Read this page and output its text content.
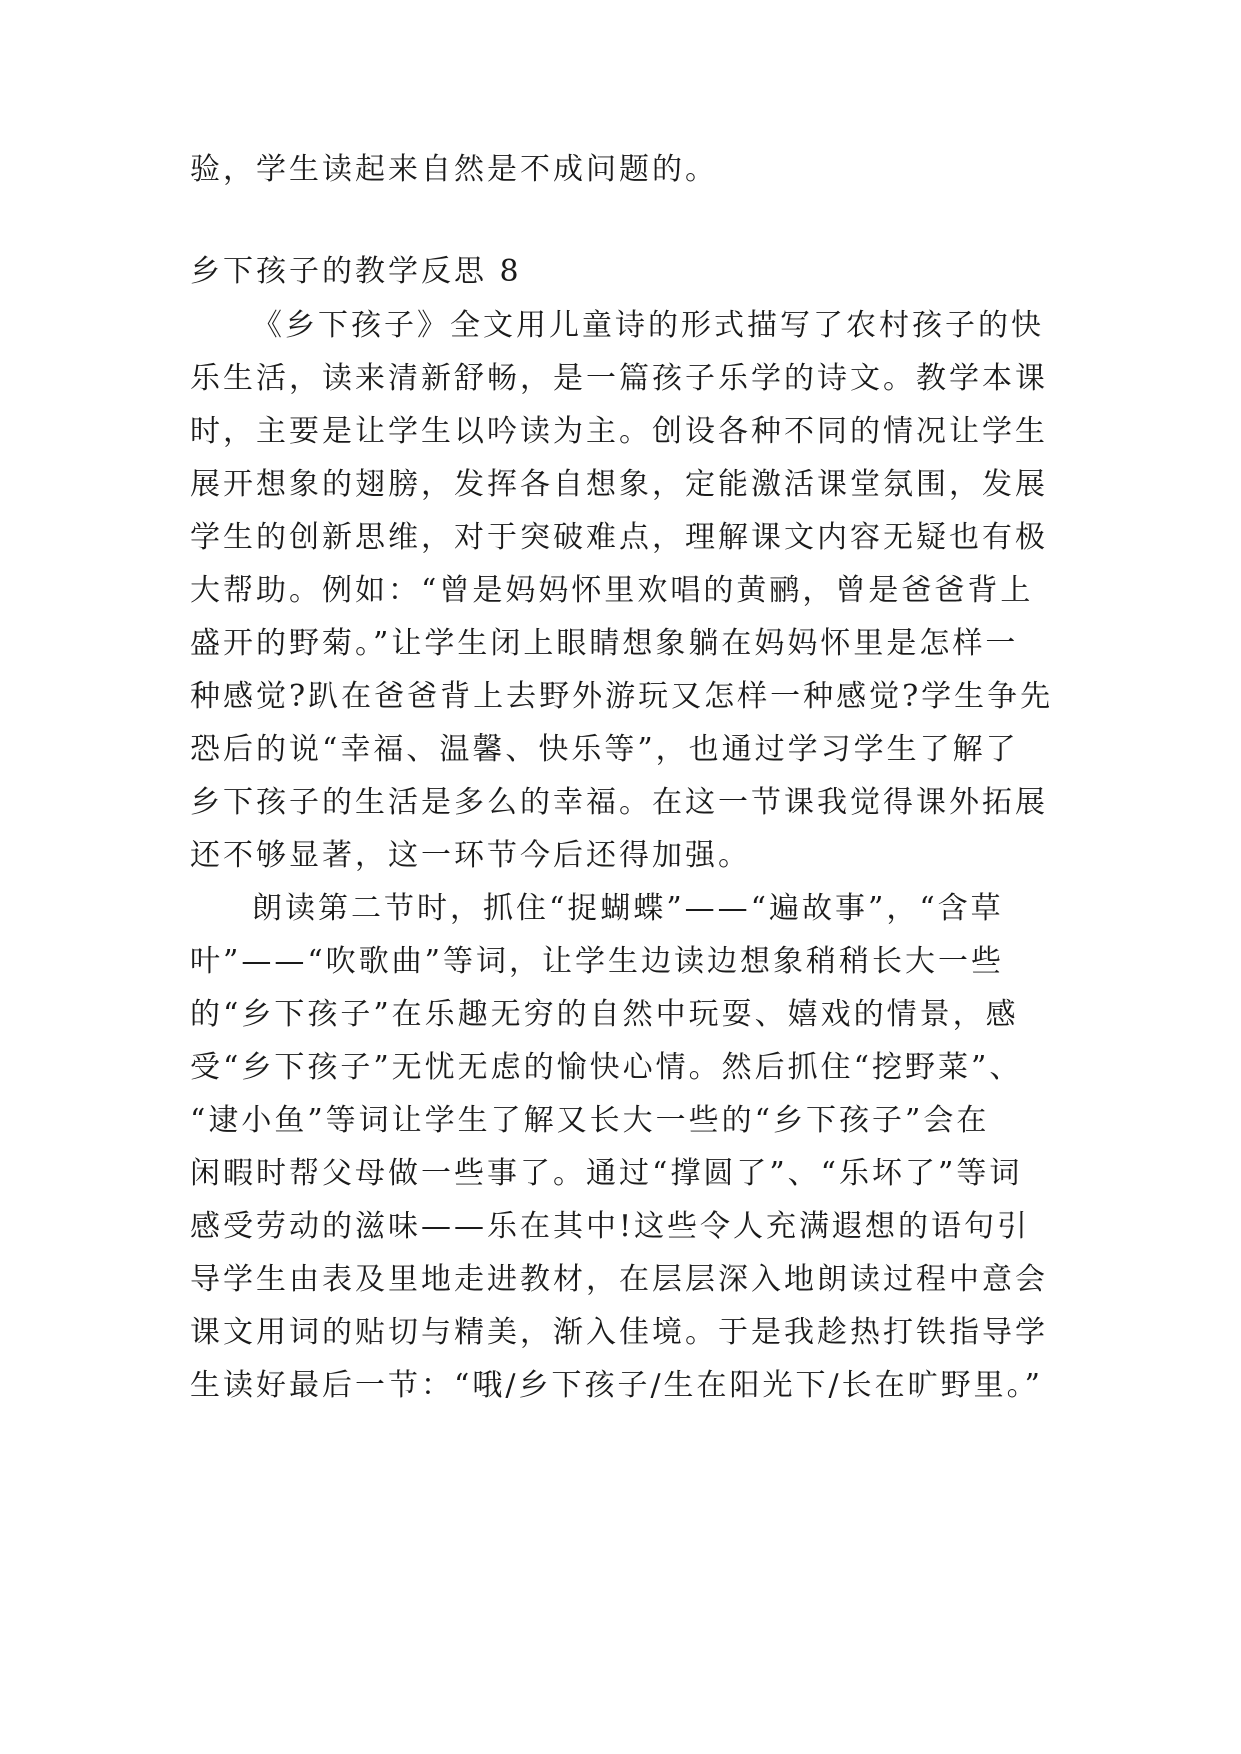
验，学生读起来自然是不成问题的。
乡下孩子的教学反思 8
《乡下孩子》全文用儿童诗的形式描写了农村孩子的快
乐生活，读来清新舒畅，是一篇孩子乐学的诗文。教学本课
时，主要是让学生以吟读为主。创设各种不同的情况让学生
展开想象的翅膀，发挥各自想象，定能激活课堂氛围，发展
学生的创新思维，对于突破难点，理解课文内容无疑也有极
大帮助。例如：“曾是妈妈怀里欢唱的黄鹂，曾是爸爸背上
盛开的野菊。”让学生闭上眼睛想象躺在妈妈怀里是怎样一
种感觉?趴在爸爸背上去野外游玩又怎样一种感觉?学生争先
恐后的说“幸福、温馨、快乐等”，也通过学习学生了解了
乡下孩子的生活是多么的幸福。在这一节课我觉得课外拓展
还不够显著，这一环节今后还得加强。
朗读第二节时，抓住“捉蝴蝶”——“遍故事”，“含草
叶”——“吹歌曲”等词，让学生边读边想象稍稍长大一些
的“乡下孩子”在乐趣无穷的自然中玩耍、嬉戏的情景，感
受“乡下孩子”无忧无虑的愉快心情。然后抓住“挖野菜”、
“逮小鱼”等词让学生了解又长大一些的“乡下孩子”会在
闲暇时帮父母做一些事了。通过“撑圆了”、“乐坏了”等词
感受劳动的滋味——乐在其中!这些令人充满遐想的语句引
导学生由表及里地走进教材，在层层深入地朗读过程中意会
课文用词的贴切与精美，渐入佳境。于是我趁热打铁指导学
生读好最后一节：“哦/乡下孩子/生在阳光下/长在旷野里。”
